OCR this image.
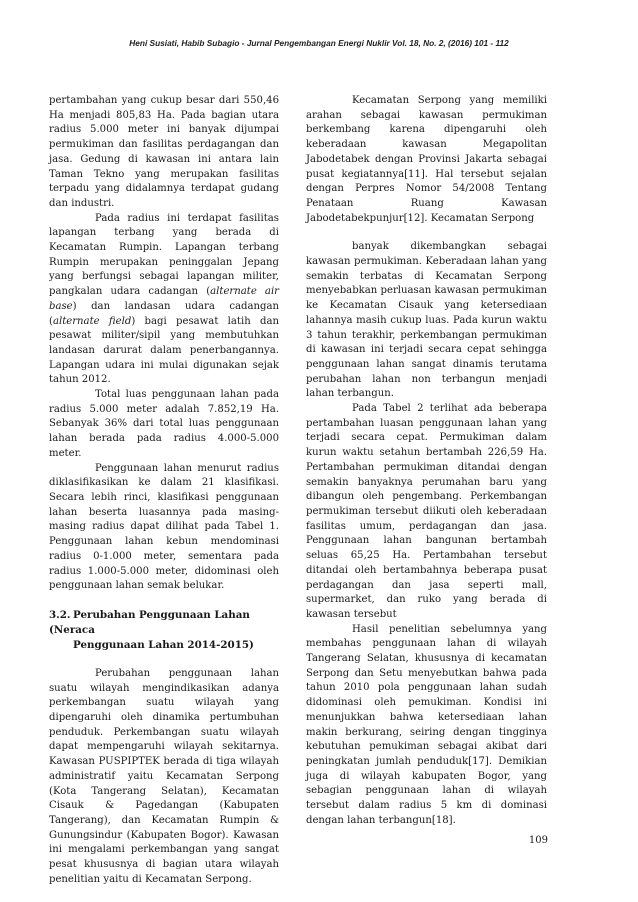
Heni Susiati, Habib Subagio - Jurnal Pengembangan Energi Nuklir Vol. 18, No. 2, (2016) 101 - 112

pertambahan yang cukup besar dari 550,46 Ha menjadi 805,83 Ha. Pada bagian utara radius 5.000 meter ini banyak dijumpai permukiman dan fasilitas perdagangan dan jasa. Gedung di kawasan ini antara lain Taman Tekno yang merupakan fasilitas terpadu yang didalamnya terdapat gudang dan industri.

Pada radius ini terdapat fasilitas lapangan terbang yang berada di Kecamatan Rumpin. Lapangan terbang Rumpin merupakan peninggalan Jepang yang berfungsi sebagai lapangan militer, pangkalan udara cadangan (alternate air base) dan landasan udara cadangan (alternate field) bagi pesawat latih dan pesawat militer/sipil yang membutuhkan landasan darurat dalam penerbangannya. Lapangan udara ini mulai digunakan sejak tahun 2012.

Total luas penggunaan lahan pada radius 5.000 meter adalah 7.852,19 Ha. Sebanyak 36% dari total luas penggunaan lahan berada pada radius 4.000-5.000 meter.

Penggunaan lahan menurut radius diklasifikasikan ke dalam 21 klasifikasi. Secara lebih rinci, klasifikasi penggunaan lahan beserta luasannya pada masing-masing radius dapat dilihat pada Tabel 1. Penggunaan lahan kebun mendominasi radius 0-1.000 meter, sementara pada radius 1.000-5.000 meter, didominasi oleh penggunaan lahan semak belukar.

3.2. Perubahan Penggunaan Lahan (Neraca
Penggunaan Lahan 2014-2015)

Perubahan penggunaan lahan suatu wilayah mengindikasikan adanya perkembangan suatu wilayah yang dipengaruhi oleh dinamika pertumbuhan penduduk. Perkembangan suatu wilayah dapat mempengaruhi wilayah sekitarnya. Kawasan PUSPIPTEK berada di tiga wilayah administratif yaitu Kecamatan Serpong (Kota Tangerang Selatan), Kecamatan Cisauk & Pagedangan (Kabupaten Tangerang), dan Kecamatan Rumpin & Gunungsindur (Kabupaten Bogor). Kawasan ini mengalami perkembangan yang sangat pesat khususnya di bagian utara wilayah penelitian yaitu di Kecamatan Serpong.

Kecamatan Serpong yang memiliki arahan sebagai kawasan permukiman berkembang karena dipengaruhi oleh keberadaan kawasan Megapolitan Jabodetabek dengan Provinsi Jakarta sebagai pusat kegiatannya[11]. Hal tersebut sejalan dengan Perpres Nomor 54/2008 Tentang Penataan Ruang Kawasan Jabodetabekpunjur[12]. Kecamatan Serpong

banyak dikembangkan sebagai kawasan permukiman. Keberadaan lahan yang semakin terbatas di Kecamatan Serpong menyebabkan perluasan kawasan permukiman ke Kecamatan Cisauk yang ketersediaan lahannya masih cukup luas. Pada kurun waktu 3 tahun terakhir, perkembangan permukiman di kawasan ini terjadi secara cepat sehingga penggunaan lahan sangat dinamis terutama perubahan lahan non terbangun menjadi lahan terbangun.

Pada Tabel 2 terlihat ada beberapa pertambahan luasan penggunaan lahan yang terjadi secara cepat. Permukiman dalam kurun waktu setahun bertambah 226,59 Ha. Pertambahan permukiman ditandai dengan semakin banyaknya perumahan baru yang dibangun oleh pengembang. Perkembangan permukiman tersebut diikuti oleh keberadaan fasilitas umum, perdagangan dan jasa. Penggunaan lahan bangunan bertambah seluas 65,25 Ha. Pertambahan tersebut ditandai oleh bertambahnya beberapa pusat perdagangan dan jasa seperti mall, supermarket, dan ruko yang berada di kawasan tersebut

Hasil penelitian sebelumnya yang membahas penggunaan lahan di wilayah Tangerang Selatan, khususnya di kecamatan Serpong dan Setu menyebutkan bahwa pada tahun 2010 pola penggunaan lahan sudah didominasi oleh pemukiman. Kondisi ini menunjukkan bahwa ketersediaan lahan makin berkurang, seiring dengan tingginya kebutuhan pemukiman sebagai akibat dari peningkatan jumlah penduduk[17]. Demikian juga di wilayah kabupaten Bogor, yang sebagian penggunaan lahan di wilayah tersebut dalam radius 5 km di dominasi dengan lahan terbangun[18].

109
